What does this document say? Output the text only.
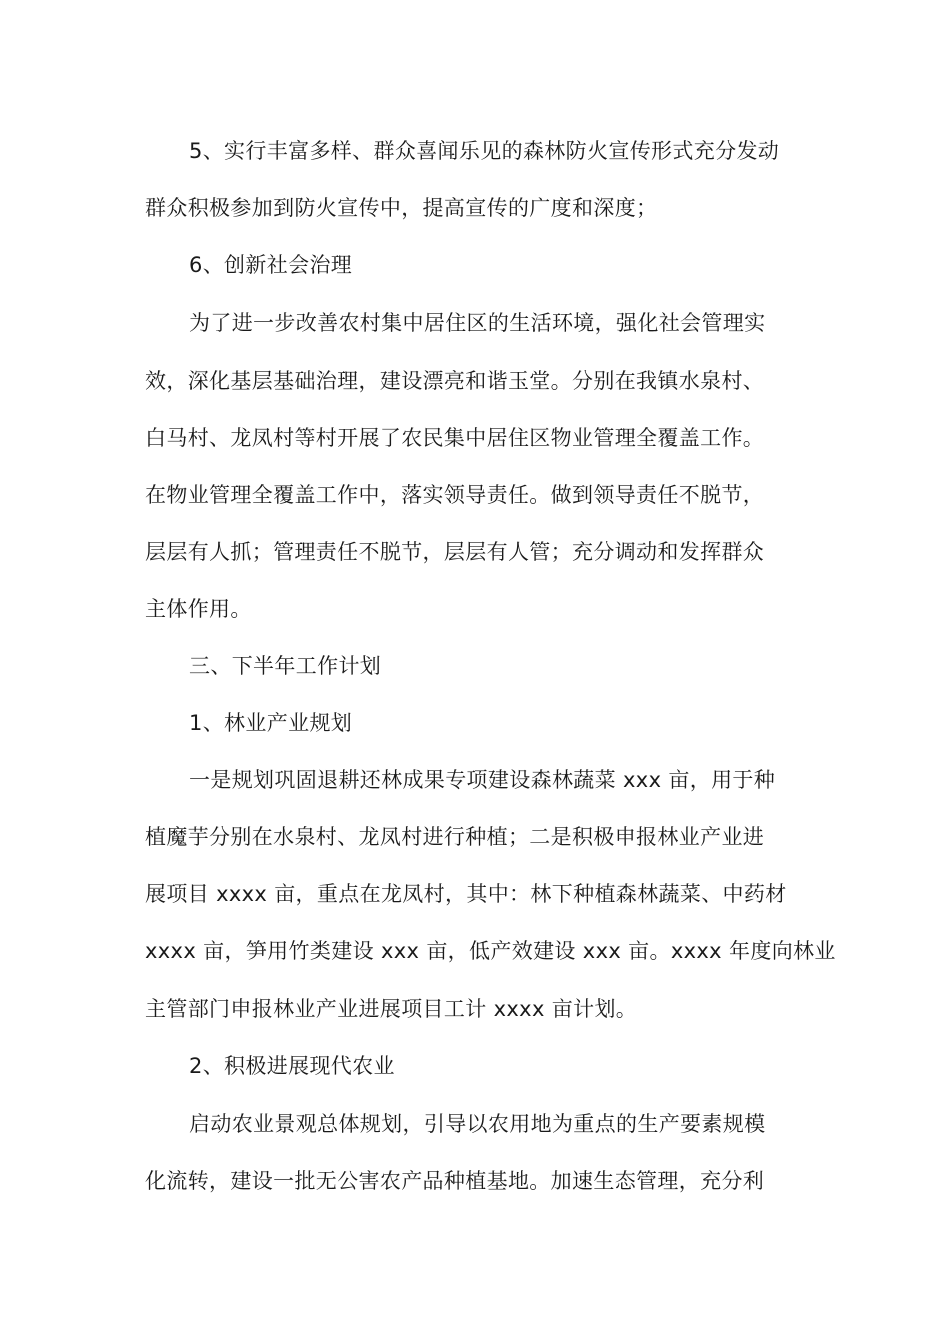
5、实行丰富多样、群众喜闻乐见的森林防火宣传形式充分发动
群众积极参加到防火宣传中，提高宣传的广度和深度；
6、创新社会治理
为了进一步改善农村集中居住区的生活环境，强化社会管理实
效，深化基层基础治理，建设漂亮和谐玉堂。分别在我镇水泉村、
白马村、龙凤村等村开展了农民集中居住区物业管理全覆盖工作。
在物业管理全覆盖工作中，落实领导责任。做到领导责任不脱节，
层层有人抓；管理责任不脱节，层层有人管；充分调动和发挥群众
主体作用。
三、下半年工作计划
1、林业产业规划
一是规划巩固退耕还林成果专项建设森林蔬菜 xxx 亩，用于种
植魔芋分别在水泉村、龙凤村进行种植；二是积极申报林业产业进
展项目 xxxx 亩，重点在龙凤村，其中：林下种植森林蔬菜、中药材
xxxx 亩，笋用竹类建设 xxx 亩，低产效建设 xxx 亩。xxxx 年度向林业
主管部门申报林业产业进展项目工计 xxxx 亩计划。
2、积极进展现代农业
启动农业景观总体规划，引导以农用地为重点的生产要素规模
化流转，建设一批无公害农产品种植基地。加速生态管理，充分利
